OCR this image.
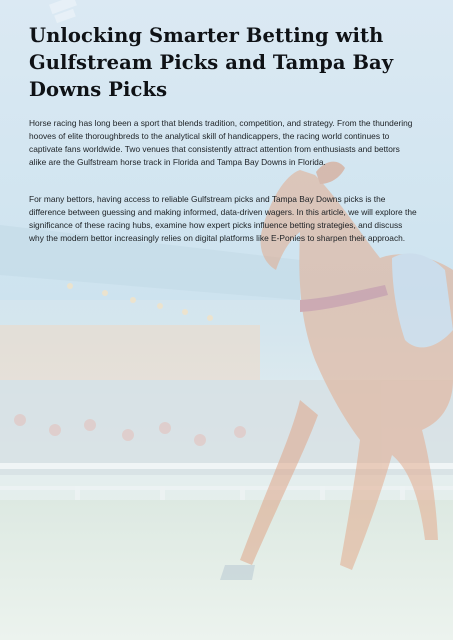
Unlocking Smarter Betting with Gulfstream Picks and Tampa Bay Downs Picks

Horse racing has long been a sport that blends tradition, competition, and strategy. From the thundering hooves of elite thoroughbreds to the analytical skill of handicappers, the racing world continues to captivate fans worldwide. Two venues that consistently attract attention from enthusiasts and bettors alike are the Gulfstream horse track in Florida and Tampa Bay Downs in Florida.

For many bettors, having access to reliable Gulfstream picks and Tampa Bay Downs picks is the difference between guessing and making informed, data-driven wagers. In this article, we will explore the significance of these racing hubs, examine how expert picks influence betting strategies, and discuss why the modern bettor increasingly relies on digital platforms like E-Ponies to sharpen their approach.
